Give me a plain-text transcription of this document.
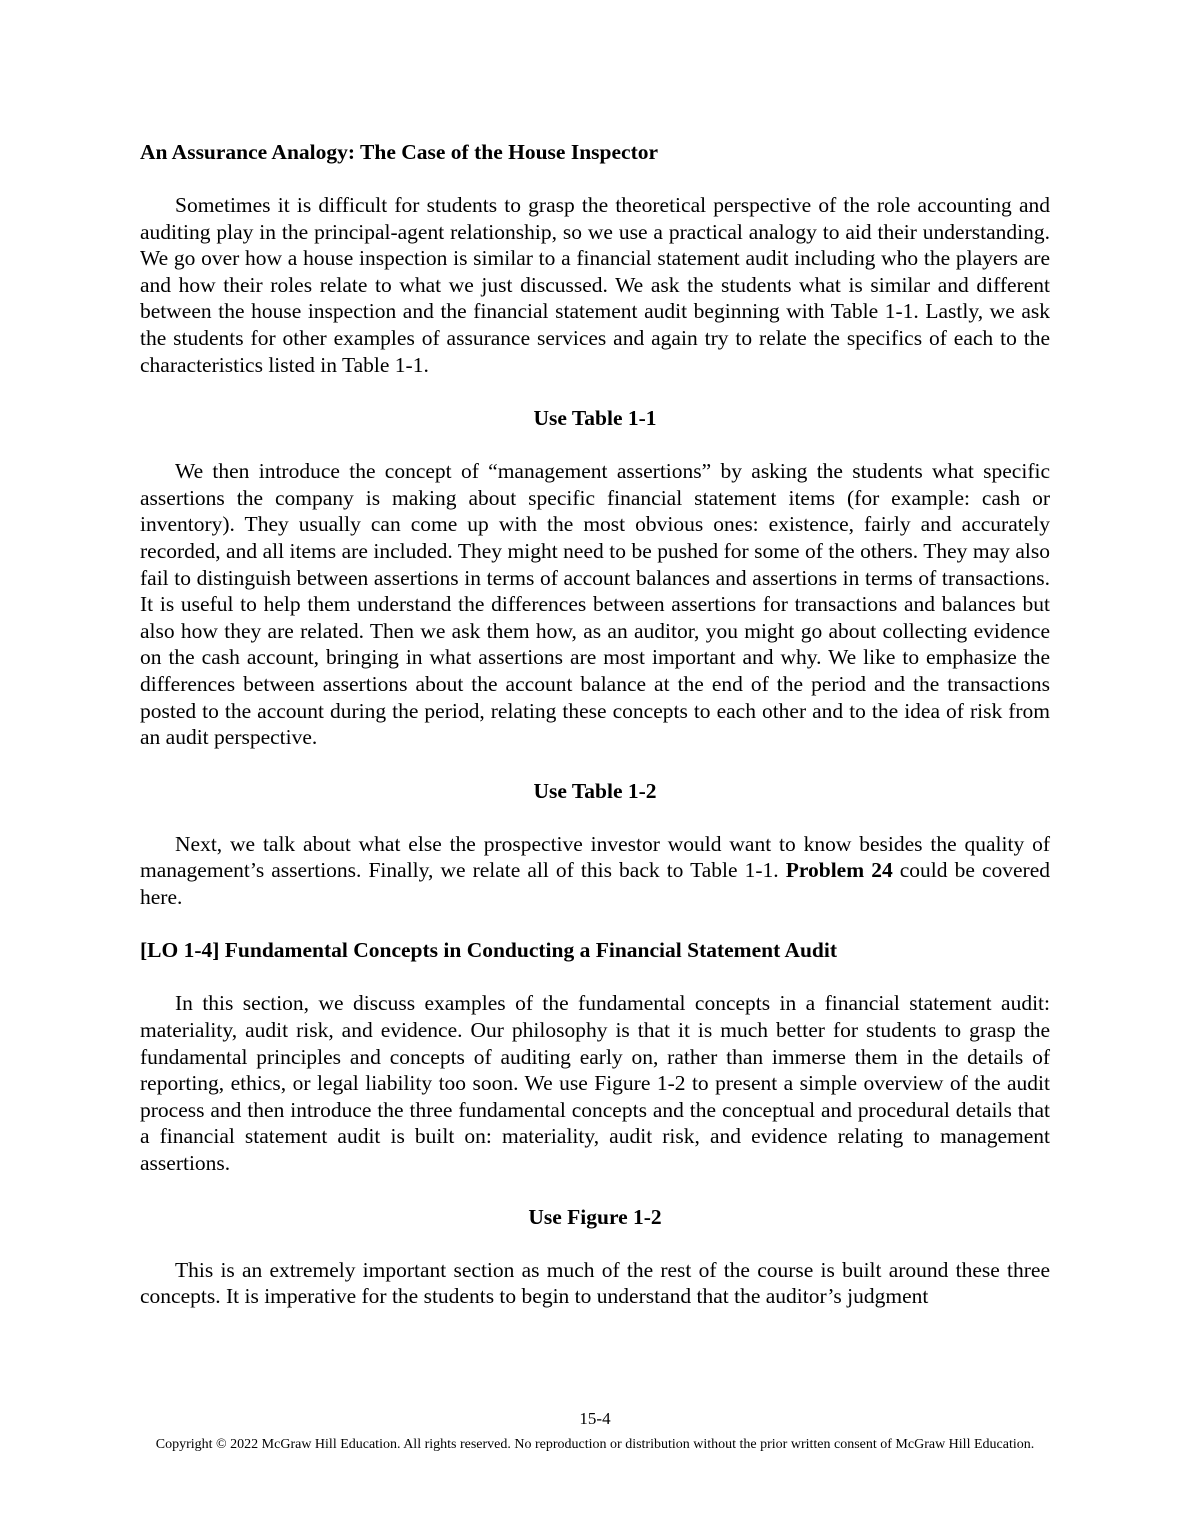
An Assurance Analogy: The Case of the House Inspector

Sometimes it is difficult for students to grasp the theoretical perspective of the role accounting and auditing play in the principal-agent relationship, so we use a practical analogy to aid their understanding. We go over how a house inspection is similar to a financial statement audit including who the players are and how their roles relate to what we just discussed. We ask the students what is similar and different between the house inspection and the financial statement audit beginning with Table 1-1. Lastly, we ask the students for other examples of assurance services and again try to relate the specifics of each to the characteristics listed in Table 1-1.

Use Table 1-1

We then introduce the concept of “management assertions” by asking the students what specific assertions the company is making about specific financial statement items (for example: cash or inventory). They usually can come up with the most obvious ones: existence, fairly and accurately recorded, and all items are included. They might need to be pushed for some of the others. They may also fail to distinguish between assertions in terms of account balances and assertions in terms of transactions. It is useful to help them understand the differences between assertions for transactions and balances but also how they are related. Then we ask them how, as an auditor, you might go about collecting evidence on the cash account, bringing in what assertions are most important and why. We like to emphasize the differences between assertions about the account balance at the end of the period and the transactions posted to the account during the period, relating these concepts to each other and to the idea of risk from an audit perspective.

Use Table 1-2

Next, we talk about what else the prospective investor would want to know besides the quality of management’s assertions. Finally, we relate all of this back to Table 1-1. Problem 24 could be covered here.

[LO 1-4] Fundamental Concepts in Conducting a Financial Statement Audit

In this section, we discuss examples of the fundamental concepts in a financial statement audit: materiality, audit risk, and evidence. Our philosophy is that it is much better for students to grasp the fundamental principles and concepts of auditing early on, rather than immerse them in the details of reporting, ethics, or legal liability too soon. We use Figure 1-2 to present a simple overview of the audit process and then introduce the three fundamental concepts and the conceptual and procedural details that a financial statement audit is built on: materiality, audit risk, and evidence relating to management assertions.

Use Figure 1-2

This is an extremely important section as much of the rest of the course is built around these three concepts. It is imperative for the students to begin to understand that the auditor’s judgment

15-4
Copyright © 2022 McGraw Hill Education. All rights reserved. No reproduction or distribution without the prior written consent of McGraw Hill Education.
